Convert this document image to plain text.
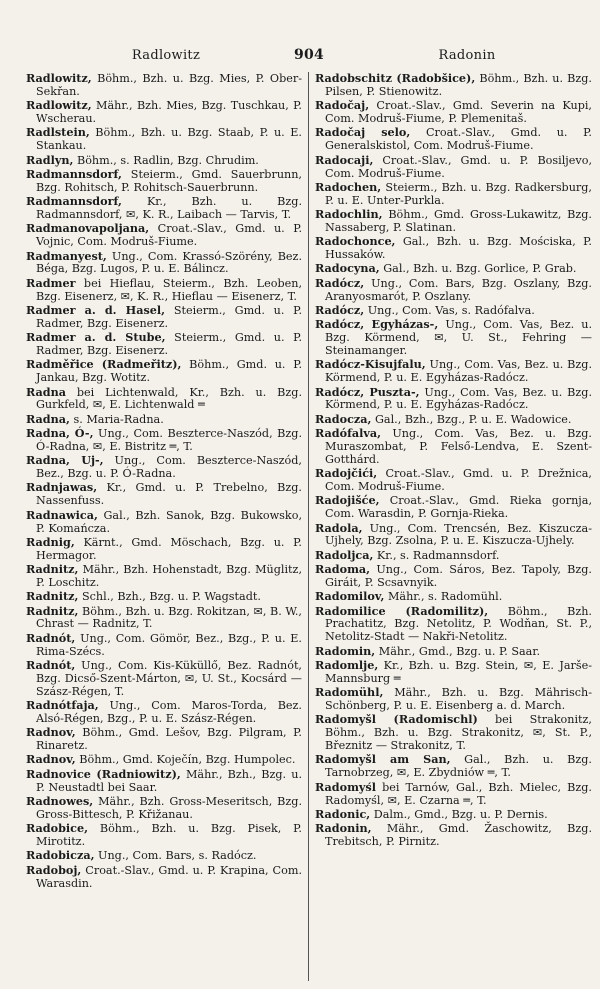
Radlowitz	904	Radonin
Radlowitz, Böhm., Bzh. u. Bzg. Mies, P. Ober-Sekřan.
Radlowitz, Mähr., Bzh. Mies, Bzg. Tuschkau, P. Wscherau.
Radlstein, Böhm., Bzh. u. Bzg. Staab, P. u. E. Stankau.
Radlyn, Böhm., s. Radlin, Bzg. Chrudim.
Radmannsdorf, Steierm., Gmd. Sauerbrunn, Bzg. Rohitsch, P. Rohitsch-Sauerbrunn.
Radmannsdorf, Kr., Bzh. u. Bzg. Radmannsdorf, ✉, K. R., Laibach — Tarvis, T.
Radmanovapoljana, Croat.-Slav., Gmd. u. P. Vojnic, Com. Modruš-Fiume.
Radmanyest, Ung., Com. Krassó-Szörény, Bez. Béga, Bzg. Lugos, P. u. E. Bálincz.
Radmer bei Hieflau, Steierm., Bzh. Leoben, Bzg. Eisenerz, ✉, K. R., Hieflau — Eisenerz, T.
Radmer a. d. Hasel, Steierm., Gmd. u. P. Radmer, Bzg. Eisenerz.
Radmer a. d. Stube, Steierm., Gmd. u. P. Radmer, Bzg. Eisenerz.
Radměřice (Radmeřitz), Böhm., Gmd. u. P. Jankau, Bzg. Wotitz.
Radna bei Lichtenwald, Kr., Bzh. u. Bzg. Gurkfeld, ✉, E. Lichtenwald ═
Radna, s. Maria-Radna.
Radna, Ó-, Ung., Com. Beszterce-Naszód, Bzg. Ó-Radna, ✉, E. Bistritz ═, T.
Radna, Uj-, Ung., Com. Beszterce-Naszód, Bez., Bzg. u. P. Ó-Radna.
Radnjawas, Kr., Gmd. u. P. Trebelno, Bzg. Nassenfuss.
Radnawica, Gal., Bzh. Sanok, Bzg. Bukowsko, P. Komańcza.
Radnig, Kärnt., Gmd. Möschach, Bzg. u. P. Hermagor.
Radnitz, Mähr., Bzh. Hohenstadt, Bzg. Müglitz, P. Loschitz.
Radnitz, Schl., Bzh., Bzg. u. P. Wagstadt.
Radnitz, Böhm., Bzh. u. Bzg. Rokitzan, ✉, B. W., Chrast — Radnitz, T.
Radnót, Ung., Com. Gömör, Bez., Bzg., P. u. E. Rima-Szécs.
Radnót, Ung., Com. Kis-Küküllő, Bez. Radnót, Bzg. Dicső-Szent-Márton, ✉, U. St., Kocsárd — Szász-Régen, T.
Radnótfaja, Ung., Com. Maros-Torda, Bez. Alsó-Régen, Bzg., P. u. E. Szász-Régen.
Radnov, Böhm., Gmd. Lešov, Bzg. Pilgram, P. Rinaretz.
Radnov, Böhm., Gmd. Koječín, Bzg. Humpolec.
Radnovice (Radniowitz), Mähr., Bzh., Bzg. u. P. Neustadtl bei Saar.
Radnowes, Mähr., Bzh. Gross-Meseritsch, Bzg. Gross-Bittesch, P. Křižanau.
Radobice, Böhm., Bzh. u. Bzg. Pisek, P. Mirotitz.
Radobicza, Ung., Com. Bars, s. Radócz.
Radoboj, Croat.-Slav., Gmd. u. P. Krapina, Com. Warasdin.
Radobschitz (Radobšice), Böhm., Bzh. u. Bzg. Pilsen, P. Stienowitz.
Radočaj, Croat.-Slav., Gmd. Severin na Kupi, Com. Modruš-Fiume, P. Plemenitaš.
Radočaj selo, Croat.-Slav., Gmd. u. P. Generalskistol, Com. Modruš-Fiume.
Radocaji, Croat.-Slav., Gmd. u. P. Bosiljevo, Com. Modruš-Fiume.
Radochen, Steierm., Bzh. u. Bzg. Radkersburg, P. u. E. Unter-Purkla.
Radochlin, Böhm., Gmd. Gross-Lukawitz, Bzg. Nassaberg, P. Slatinan.
Radochonce, Gal., Bzh. u. Bzg. Mościska, P. Hussaków.
Radocyna, Gal., Bzh. u. Bzg. Gorlice, P. Grab.
Radócz, Ung., Com. Bars, Bzg. Oszlany, Bzg. Aranyosmarót, P. Oszlany.
Radócz, Ung., Com. Vas, s. Radófalva.
Radócz, Egyházas-, Ung., Com. Vas, Bez. u. Bzg. Körmend, ✉, U. St., Fehring — Steinamanger.
Radócz-Kisujfalu, Ung., Com. Vas, Bez. u. Bzg. Körmend, P. u. E. Egyházas-Radócz.
Radócz, Puszta-, Ung., Com. Vas, Bez. u. Bzg. Körmend, P. u. E. Egyházas-Radócz.
Radocza, Gal., Bzh., Bzg., P. u. E. Wadowice.
Radófalva, Ung., Com. Vas, Bez. u. Bzg. Muraszombat, P. Felső-Lendva, E. Szent-Gotthárd.
Radojčići, Croat.-Slav., Gmd. u. P. Drežnica, Com. Modruš-Fiume.
Radojišće, Croat.-Slav., Gmd. Rieka gornja, Com. Warasdin, P. Gornja-Rieka.
Radola, Ung., Com. Trencsén, Bez. Kiszucza-Ujhely, Bzg. Zsolna, P. u. E. Kiszucza-Ujhely.
Radoljca, Kr., s. Radmannsdorf.
Radoma, Ung., Com. Sáros, Bez. Tapoly, Bzg. Giráit, P. Scsavnyik.
Radomilov, Mähr., s. Radomühl.
Radomilice (Radomilitz), Böhm., Bzh. Prachatitz, Bzg. Netolitz, P. Wodňan, St. P., Netolitz-Stadt — Nakři-Netolitz.
Radomin, Mähr., Gmd., Bzg. u. P. Saar.
Radomlje, Kr., Bzh. u. Bzg. Stein, ✉, E. Jarše-Mannsburg ═
Radomühl, Mähr., Bzh. u. Bzg. Mährisch-Schönberg, P. u. E. Eisenberg a. d. March.
Radomyšl (Radomischl) bei Strakonitz, Böhm., Bzh. u. Bzg. Strakonitz, ✉, St. P., Březnitz — Strakonitz, T.
Radomyšl am San, Gal., Bzh. u. Bzg. Tarnobrzeg, ✉, E. Zbydniów ═, T.
Radomyśl bei Tarnów, Gal., Bzh. Mielec, Bzg. Radomyśl, ✉, E. Czarna ═, T.
Radonic, Dalm., Gmd., Bzg. u. P. Dernis.
Radonin, Mähr., Gmd. Žaschowitz, Bzg. Trebitsch, P. Pirnitz.
